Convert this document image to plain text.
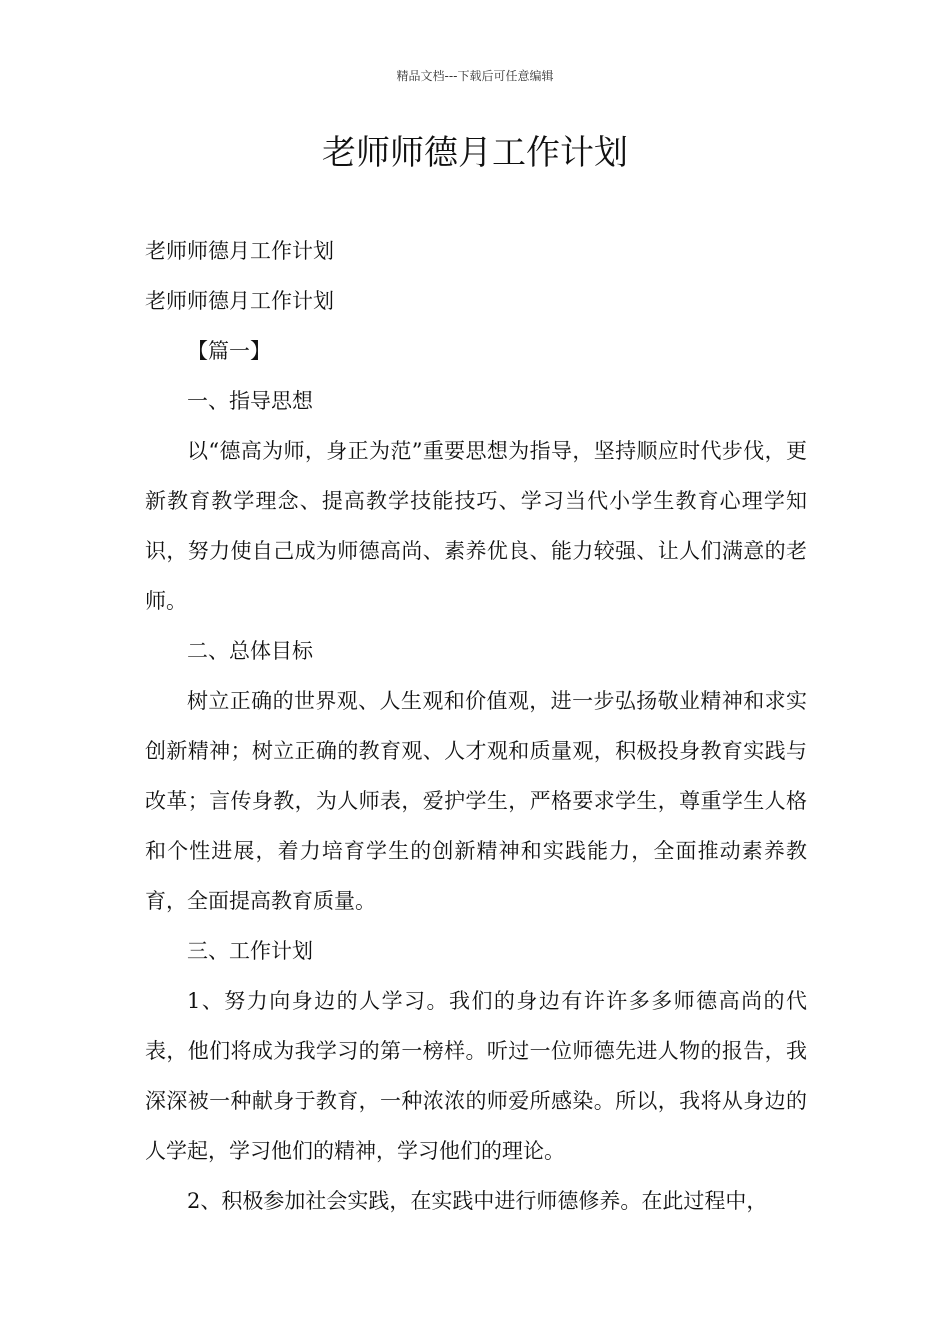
精品文档---下载后可任意编辑
老师师德月工作计划

老师师德月工作计划

老师师德月工作计划

【篇一】

一、指导思想

以“德高为师，身正为范”重要思想为指导，坚持顺应时代步伐，更新教育教学理念、提高教学技能技巧、学习当代小学生教育心理学知识，努力使自己成为师德高尚、素养优良、能力较强、让人们满意的老师。

二、总体目标

树立正确的世界观、人生观和价值观，进一步弘扬敬业精神和求实创新精神；树立正确的教育观、人才观和质量观，积极投身教育实践与改革；言传身教，为人师表，爱护学生，严格要求学生，尊重学生人格和个性进展，着力培育学生的创新精神和实践能力，全面推动素养教育，全面提高教育质量。

三、工作计划

1、努力向身边的人学习。我们的身边有许许多多师德高尚的代表，他们将成为我学习的第一榜样。听过一位师德先进人物的报告，我深深被一种献身于教育，一种浓浓的师爱所感染。所以，我将从身边的人学起，学习他们的精神，学习他们的理论。

2、积极参加社会实践，在实践中进行师德修养。在此过程中，
